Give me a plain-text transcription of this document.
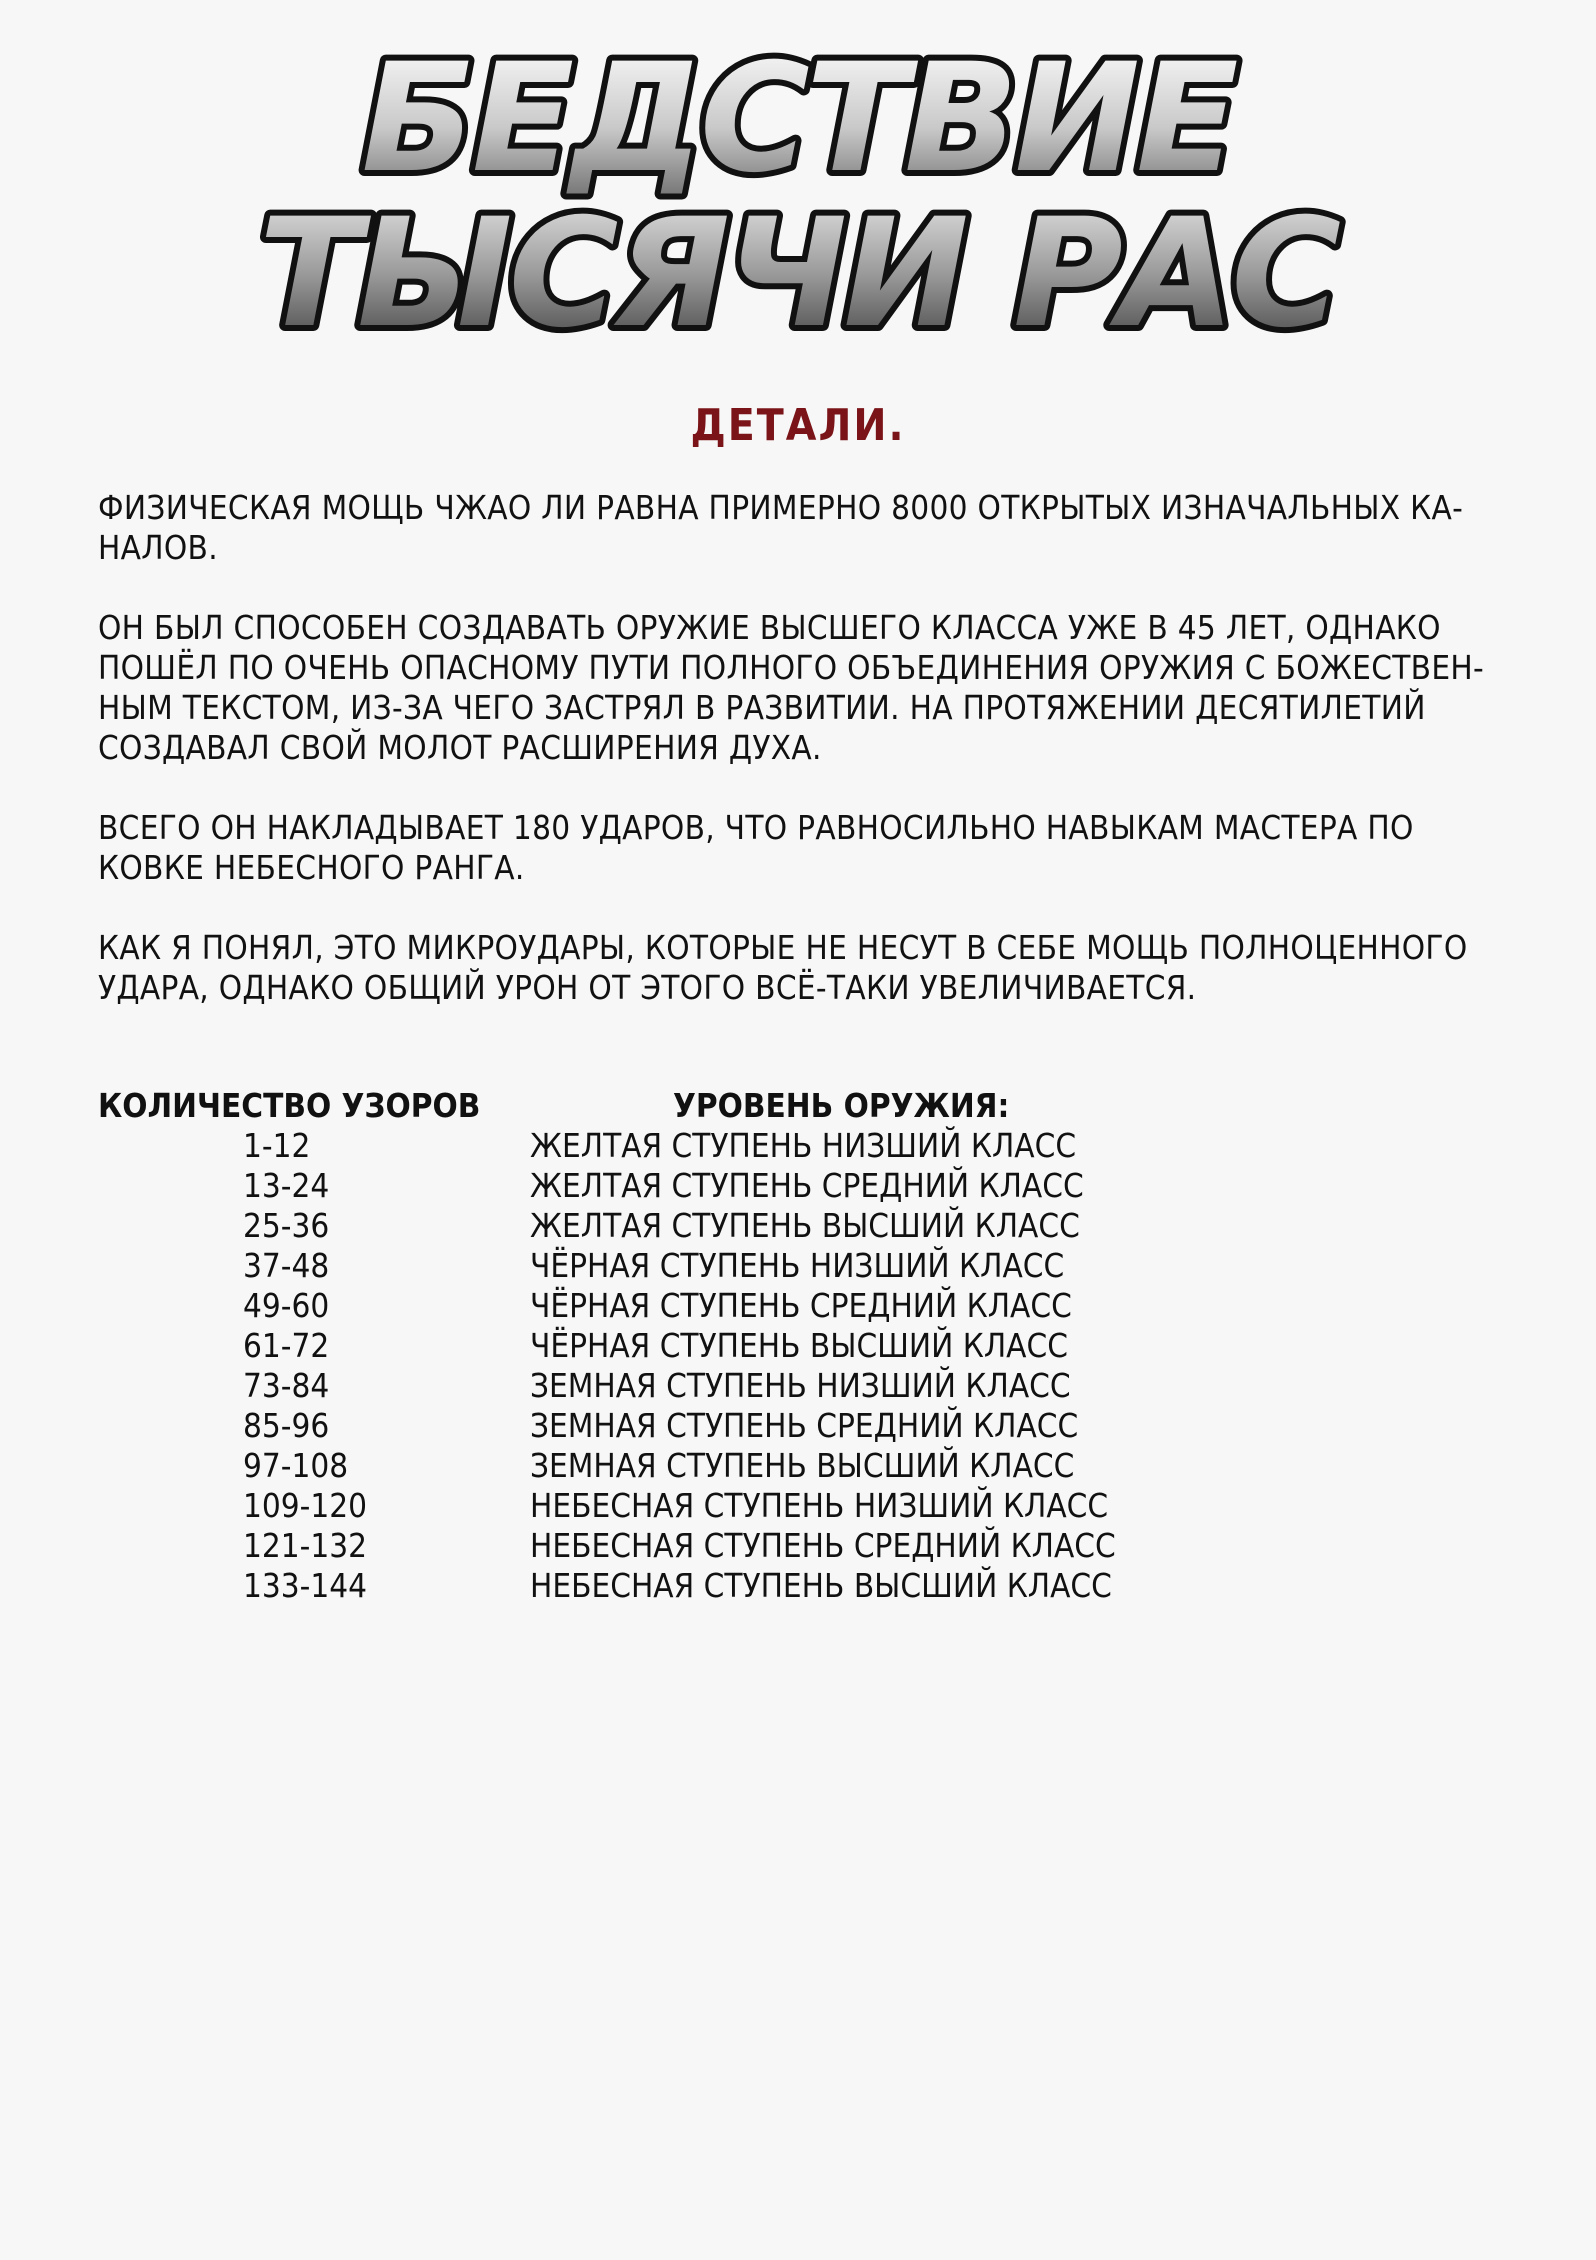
БЕДСТВИЕ
ТЫСЯЧИ РАС
ДЕТАЛИ.

ФИЗИЧЕСКАЯ МОЩЬ ЧЖАО ЛИ РАВНА ПРИМЕРНО 8000 ОТКРЫТЫХ ИЗНАЧАЛЬНЫХ КА-
НАЛОВ.

ОН БЫЛ СПОСОБЕН СОЗДАВАТЬ ОРУЖИЕ ВЫСШЕГО КЛАССА УЖЕ В 45 ЛЕТ, ОДНАКО
ПОШЁЛ ПО ОЧЕНЬ ОПАСНОМУ ПУТИ ПОЛНОГО ОБЪЕДИНЕНИЯ ОРУЖИЯ С БОЖЕСТВЕН-
НЫМ ТЕКСТОМ, ИЗ-ЗА ЧЕГО ЗАСТРЯЛ В РАЗВИТИИ. НА ПРОТЯЖЕНИИ ДЕСЯТИЛЕТИЙ
СОЗДАВАЛ СВОЙ МОЛОТ РАСШИРЕНИЯ ДУХА.

ВСЕГО ОН НАКЛАДЫВАЕТ 180 УДАРОВ, ЧТО РАВНОСИЛЬНО НАВЫКАМ МАСТЕРА ПО
КОВКЕ НЕБЕСНОГО РАНГА.

КАК Я ПОНЯЛ, ЭТО МИКРОУДАРЫ, КОТОРЫЕ НЕ НЕСУТ В СЕБЕ МОЩЬ ПОЛНОЦЕННОГО
УДАРА, ОДНАКО ОБЩИЙ УРОН ОТ ЭТОГО ВСЁ-ТАКИ УВЕЛИЧИВАЕТСЯ.

КОЛИЧЕСТВО УЗОРОВ	УРОВЕНЬ ОРУЖИЯ:
1-12	ЖЕЛТАЯ СТУПЕНЬ НИЗШИЙ КЛАСС
13-24	ЖЕЛТАЯ СТУПЕНЬ СРЕДНИЙ КЛАСС
25-36	ЖЕЛТАЯ СТУПЕНЬ ВЫСШИЙ КЛАСС
37-48	ЧЁРНАЯ СТУПЕНЬ НИЗШИЙ КЛАСС
49-60	ЧЁРНАЯ СТУПЕНЬ СРЕДНИЙ КЛАСС
61-72	ЧЁРНАЯ СТУПЕНЬ ВЫСШИЙ КЛАСС
73-84	ЗЕМНАЯ СТУПЕНЬ НИЗШИЙ КЛАСС
85-96	ЗЕМНАЯ СТУПЕНЬ СРЕДНИЙ КЛАСС
97-108	ЗЕМНАЯ СТУПЕНЬ ВЫСШИЙ КЛАСС
109-120	НЕБЕСНАЯ СТУПЕНЬ НИЗШИЙ КЛАСС
121-132	НЕБЕСНАЯ СТУПЕНЬ СРЕДНИЙ КЛАСС
133-144	НЕБЕСНАЯ СТУПЕНЬ ВЫСШИЙ КЛАСС
